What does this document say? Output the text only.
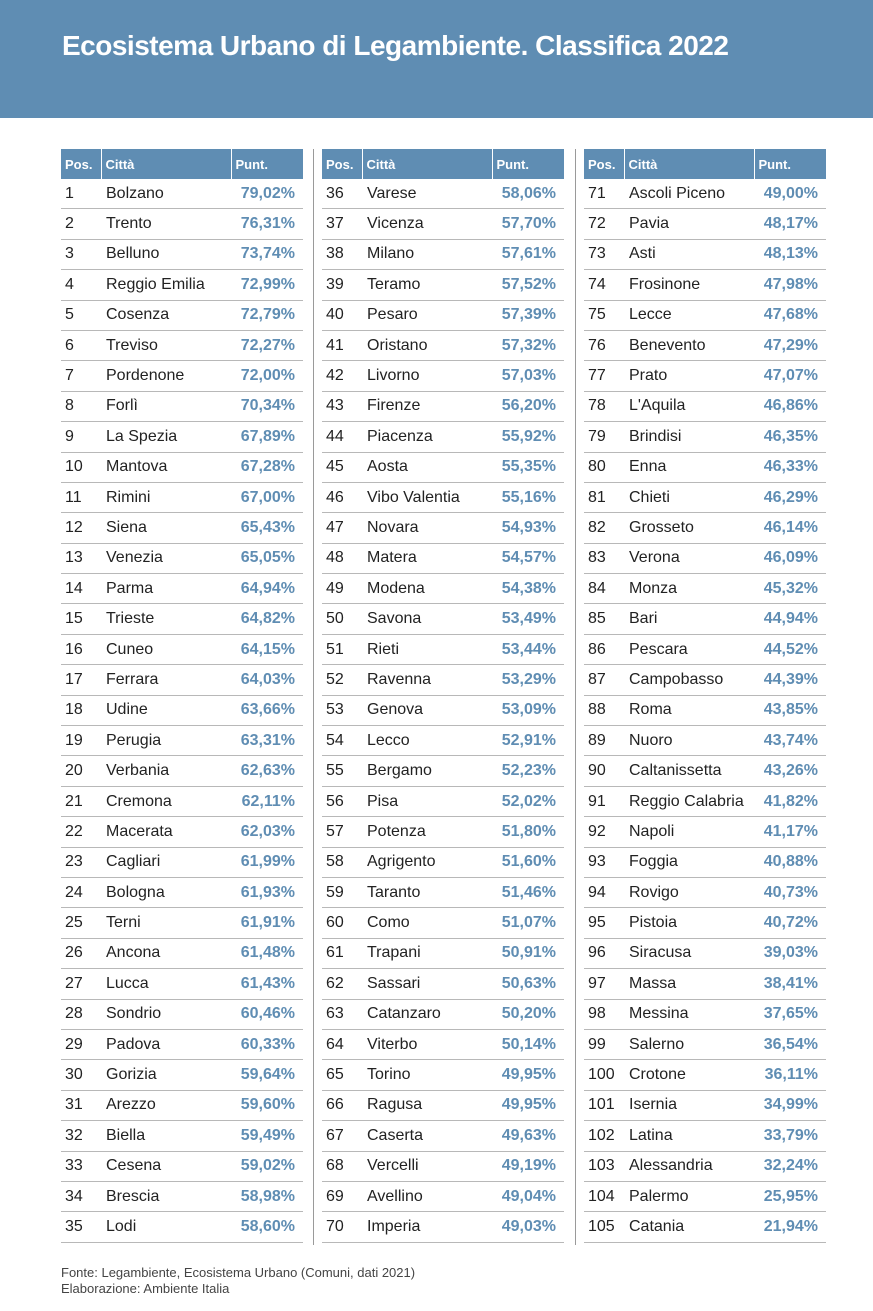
Ecosistema Urbano di Legambiente. Classifica 2022
Pos.	Città	Punt.
1	Bolzano	79,02%
2	Trento	76,31%
3	Belluno	73,74%
4	Reggio Emilia	72,99%
5	Cosenza	72,79%
6	Treviso	72,27%
7	Pordenone	72,00%
8	Forlì	70,34%
9	La Spezia	67,89%
10	Mantova	67,28%
11	Rimini	67,00%
12	Siena	65,43%
13	Venezia	65,05%
14	Parma	64,94%
15	Trieste	64,82%
16	Cuneo	64,15%
17	Ferrara	64,03%
18	Udine	63,66%
19	Perugia	63,31%
20	Verbania	62,63%
21	Cremona	62,11%
22	Macerata	62,03%
23	Cagliari	61,99%
24	Bologna	61,93%
25	Terni	61,91%
26	Ancona	61,48%
27	Lucca	61,43%
28	Sondrio	60,46%
29	Padova	60,33%
30	Gorizia	59,64%
31	Arezzo	59,60%
32	Biella	59,49%
33	Cesena	59,02%
34	Brescia	58,98%
35	Lodi	58,60%
Pos.	Città	Punt.
36	Varese	58,06%
37	Vicenza	57,70%
38	Milano	57,61%
39	Teramo	57,52%
40	Pesaro	57,39%
41	Oristano	57,32%
42	Livorno	57,03%
43	Firenze	56,20%
44	Piacenza	55,92%
45	Aosta	55,35%
46	Vibo Valentia	55,16%
47	Novara	54,93%
48	Matera	54,57%
49	Modena	54,38%
50	Savona	53,49%
51	Rieti	53,44%
52	Ravenna	53,29%
53	Genova	53,09%
54	Lecco	52,91%
55	Bergamo	52,23%
56	Pisa	52,02%
57	Potenza	51,80%
58	Agrigento	51,60%
59	Taranto	51,46%
60	Como	51,07%
61	Trapani	50,91%
62	Sassari	50,63%
63	Catanzaro	50,20%
64	Viterbo	50,14%
65	Torino	49,95%
66	Ragusa	49,95%
67	Caserta	49,63%
68	Vercelli	49,19%
69	Avellino	49,04%
70	Imperia	49,03%
Pos.	Città	Punt.
71	Ascoli Piceno	49,00%
72	Pavia	48,17%
73	Asti	48,13%
74	Frosinone	47,98%
75	Lecce	47,68%
76	Benevento	47,29%
77	Prato	47,07%
78	L'Aquila	46,86%
79	Brindisi	46,35%
80	Enna	46,33%
81	Chieti	46,29%
82	Grosseto	46,14%
83	Verona	46,09%
84	Monza	45,32%
85	Bari	44,94%
86	Pescara	44,52%
87	Campobasso	44,39%
88	Roma	43,85%
89	Nuoro	43,74%
90	Caltanissetta	43,26%
91	Reggio Calabria	41,82%
92	Napoli	41,17%
93	Foggia	40,88%
94	Rovigo	40,73%
95	Pistoia	40,72%
96	Siracusa	39,03%
97	Massa	38,41%
98	Messina	37,65%
99	Salerno	36,54%
100	Crotone	36,11%
101	Isernia	34,99%
102	Latina	33,79%
103	Alessandria	32,24%
104	Palermo	25,95%
105	Catania	21,94%
Fonte: Legambiente, Ecosistema Urbano (Comuni, dati 2021)
Elaborazione: Ambiente Italia
